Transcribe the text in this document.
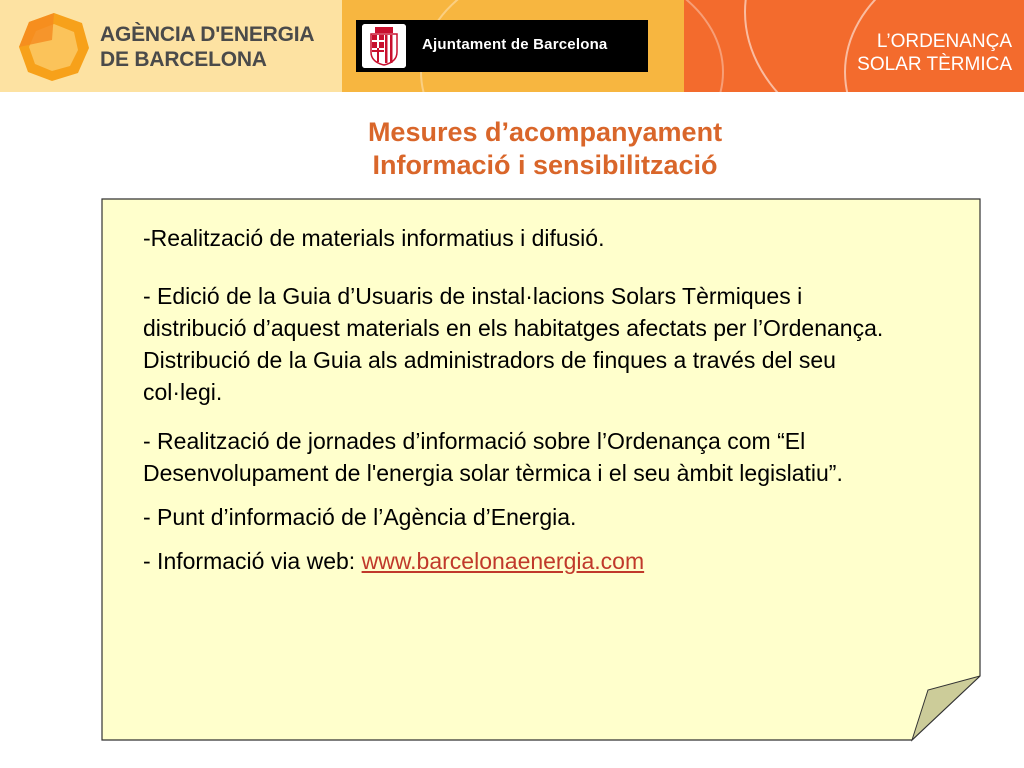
AGÈNCIA D'ENERGIA
DE BARCELONA
Ajuntament de Barcelona	L’ORDENANÇA
SOLAR TÈRMICA
Mesures d’acompanyament
Informació i sensibilització

-Realització de materials informatius i difusió.

- Edició de la Guia d’Usuaris de instal·lacions Solars Tèrmiques i distribució d’aquest materials en els habitatges afectats per l’Ordenança. Distribució de la Guia als administradors de finques a través del seu col·legi.

- Realització de jornades d’informació sobre l’Ordenança com “El Desenvolupament de l'energia solar tèrmica i el seu àmbit legislatiu”.

- Punt d’informació de l’Agència d’Energia.

- Informació via web: www.barcelonaenergia.com
